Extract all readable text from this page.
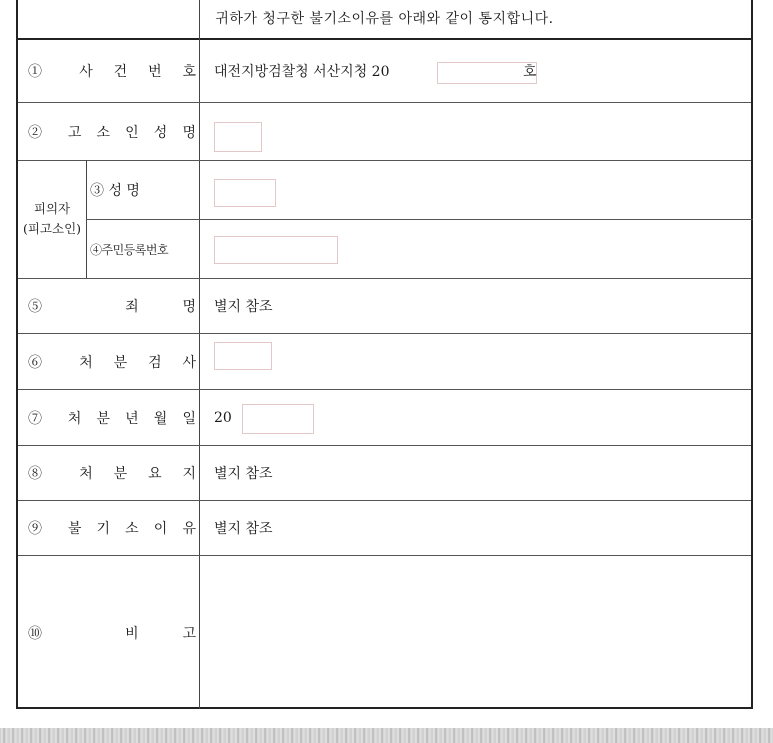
귀하가 청구한 불기소이유를 아래와 같이 통지합니다.
① 사 건 번 호 대전지방검찰청 서산지청 20	호
② 고 소 인 성 명
피의자
(피고소인)
③ 성 명
④주민등록번호
⑤ 죄 명 별지 참조
⑥ 처 분 검 사
⑦ 처 분 년 월 일 20
⑧ 처 분 요 지 별지 참조
⑨ 불 기 소 이 유 별지 참조
⑩ 비 고
